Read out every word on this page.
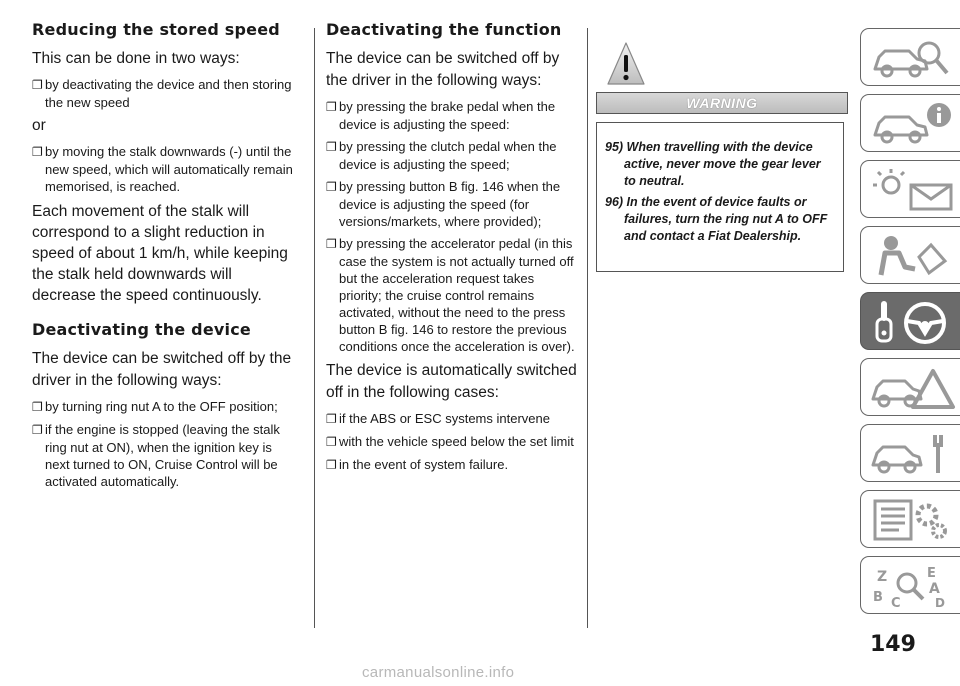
Reducing the stored speed
This can be done in two ways:
❐ by deactivating the device and then storing the new speed
or
❐ by moving the stalk downwards (-) until the new speed, which will automatically remain memorised, is reached.
Each movement of the stalk will correspond to a slight reduction in speed of about 1 km/h, while keeping the stalk held downwards will decrease the speed continuously.
Deactivating the device
The device can be switched off by the driver in the following ways:
❐ by turning ring nut A to the OFF position;
❐ if the engine is stopped (leaving the stalk ring nut at ON), when the ignition key is next turned to ON, Cruise Control will be activated automatically.
Deactivating the function
The device can be switched off by the driver in the following ways:
❐ by pressing the brake pedal when the device is adjusting the speed:
❐ by pressing the clutch pedal when the device is adjusting the speed;
❐ by pressing button B fig. 146 when the device is adjusting the speed (for versions/markets, where provided);
❐ by pressing the accelerator pedal (in this case the system is not actually turned off but the acceleration request takes priority; the cruise control remains activated, without the need to the press button B fig. 146 to restore the previous conditions once the acceleration is over).
The device is automatically switched off in the following cases:
❐ if the ABS or ESC systems intervene
❐ with the vehicle speed below the set limit
❐ in the event of system failure.
WARNING
95) When travelling with the device active, never move the gear lever to neutral.
96) In the event of device faults or failures, turn the ring nut A to OFF and contact a Fiat Dealership.
Z
B C
E
A
D
149
carmanualsonline.info
